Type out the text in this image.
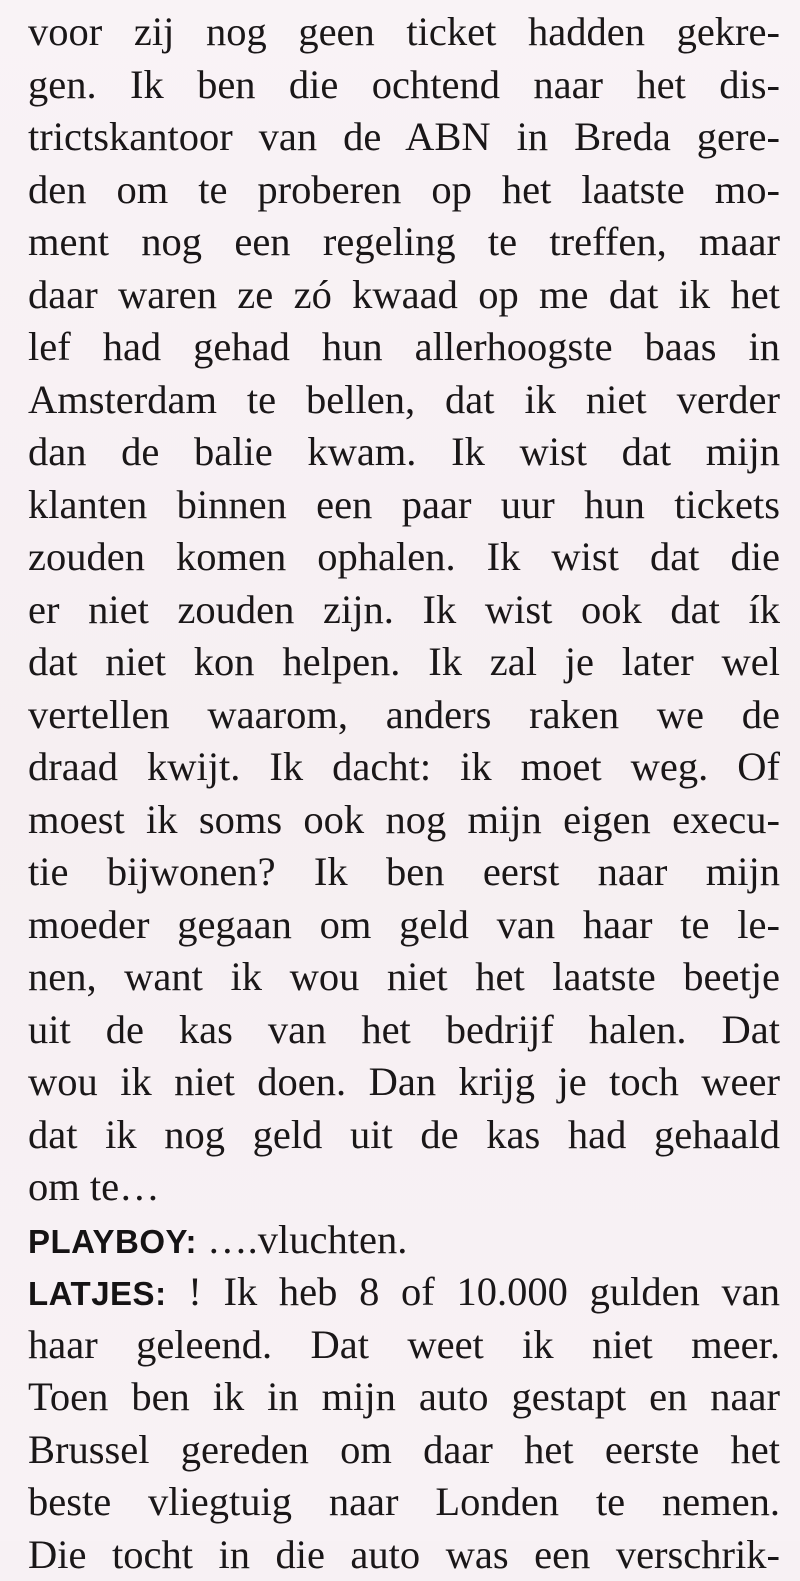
voor zij nog geen ticket hadden gekre-
gen. Ik ben die ochtend naar het dis-
trictskantoor van de ABN in Breda gere-
den om te proberen op het laatste mo-
ment nog een regeling te treffen, maar
daar waren ze zó kwaad op me dat ik het
lef had gehad hun allerhoogste baas in
Amsterdam te bellen, dat ik niet verder
dan de balie kwam. Ik wist dat mijn
klanten binnen een paar uur hun tickets
zouden komen ophalen. Ik wist dat die
er niet zouden zijn. Ik wist ook dat ík
dat niet kon helpen. Ik zal je later wel
vertellen waarom, anders raken we de
draad kwijt. Ik dacht: ik moet weg. Of
moest ik soms ook nog mijn eigen execu-
tie bijwonen? Ik ben eerst naar mijn
moeder gegaan om geld van haar te le-
nen, want ik wou niet het laatste beetje
uit de kas van het bedrijf halen. Dat
wou ik niet doen. Dan krijg je toch weer
dat ik nog geld uit de kas had gehaald
om te…
PLAYBOY: ….vluchten.
LATJES: ! Ik heb 8 of 10.000 gulden van
haar geleend. Dat weet ik niet meer.
Toen ben ik in mijn auto gestapt en naar
Brussel gereden om daar het eerste het
beste vliegtuig naar Londen te nemen.
Die tocht in die auto was een verschrik-
